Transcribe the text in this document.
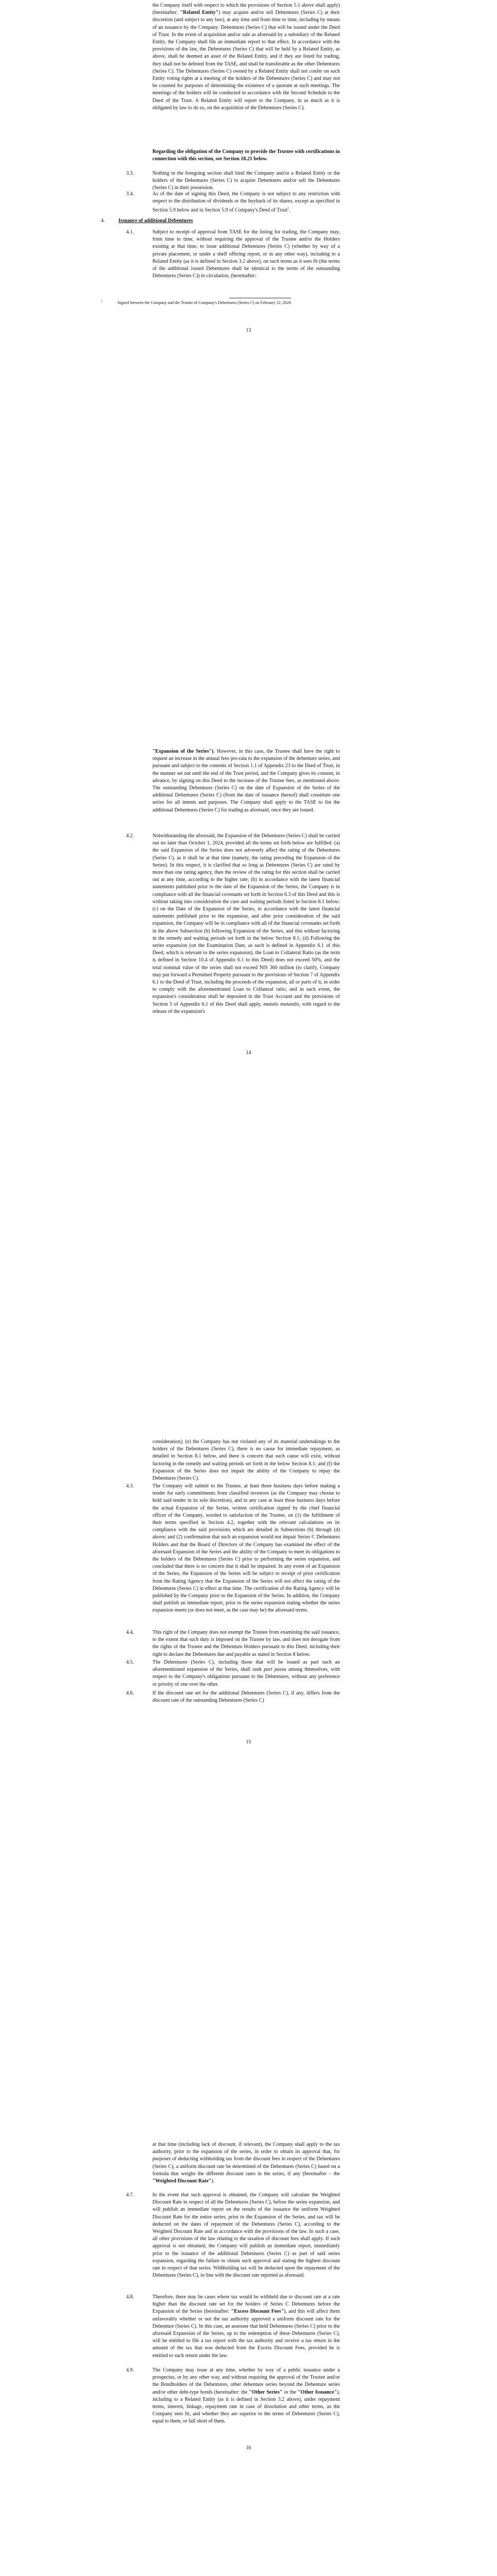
the Company itself with respect to which the provisions of Section 5.1 above shall apply) (hereinafter: "Related Entity") may acquire and/or sell Debentures (Series C) at their discretion (and subject to any law), at any time and from time to time, including by means of an issuance by the Company. Debentures (Series C) that will be issued under the Deed of Trust. In the event of acquisition and/or sale as aforesaid by a subsidiary of the Related Entity, the Company shall file an immediate report to that effect. In accordance with the provisions of the law, the Debentures (Series C) that will be held by a Related Entity, as above, shall be deemed an asset of the Related Entity, and if they are listed for trading, they shall not be delisted from the TASE, and shall be transferable as the other Debentures (Series C). The Debentures (Series C) owned by a Related Entity shall not confer on such Entity voting rights at a meeting of the holders of the Debentures (Series C) and may not be counted for purposes of determining the existence of a quorum at such meetings. The meetings of the holders will be conducted in accordance with the Second Schedule to the Deed of the Trust. A Related Entity will report to the Company, in as much as it is obligated by law to do so, on the acquisition of the Debentures (Series C).

Regarding the obligation of the Company to provide the Trustee with certifications in connection with this section, see Section 18.21 below.

3.3.	Nothing in the foregoing section shall bind the Company and/or a Related Entity or the holders of the Debentures (Series C) to acquire Debentures and/or sell the Debentures (Series C) in their possession.

3.4.	As of the date of signing this Deed, the Company is not subject to any restriction with respect to the distribution of dividends or the buyback of its shares, except as specified in Section 5.9 below and in Section 5.9 of Company's Deed of Trust$^1$.

4.	Issuance of additional Debentures
4.1.	Subject to receipt of approval from TASE for the listing for trading, the Company may, from time to time, without requiring the approval of the Trustee and/or the Holders existing at that time, to issue additional Debentures (Series C) (whether by way of a private placement, or under a shelf offering report, or in any other way), including to a Related Entity (as it is defined in Section 3.2 above), on such terms as it sees fit (the terms of the additional issued Debentures shall be identical to the terms of the outstanding Debentures (Series C)) in circulation, (hereinafter:

1	Signed between the Company and the Trustee of Company's Debentures (Series C) on February 12, 2020.

13

"Expansion of the Series"). However, in this case, the Trustee shall have the right to request an increase in the annual fees pro-rata to the expansion of the debenture series, and pursuant and subject to the contents of Section 1.1 of Appendix 23 to the Deed of Trust, in the manner set out until the end of the Trust period, and the Company gives its consent, in advance, by signing on this Deed to the increase of the Trustee fees, as mentioned above. The outstanding Debentures (Series C) on the date of Expansion of the Series of the additional Debentures (Series C) (from the date of issuance thereof) shall constitute one series for all intents and purposes. The Company shall apply to the TASE to list the additional Debentures (Series C) for trading as aforesaid, once they are issued.

4.2.	Notwithstanding the aforesaid, the Expansion of the Debentures (Series C) shall be carried out no later than October 1, 2024, provided all the terms set forth below are fulfilled: (a) the said Expansion of the Series does not adversely affect the rating of the Debentures (Series C), as it shall be at that time (namely, the rating preceding the Expansion of the Series). In this respect, it is clarified that so long as Debentures (Series C) are rated by more than one rating agency, then the review of the rating for this section shall be carried out at any time, according to the higher rate; (b) in accordance with the latest financial statements published prior to the date of the Expansion of the Series, the Company is in compliance with all the financial covenants set forth in Section 6.3 of this Deed and this is without taking into consideration the cure and waiting periods listed in Section 8.1 below; (c) on the Date of the Expansion of the Series, in accordance with the latest financial statements published prior to the expansion, and after prior consideration of the said expansion, the Company will be in compliance with all of the financial covenants set forth in the above Subsection (b) following Expansion of the Series, and this without factoring in the remedy and waiting periods set forth in the below Section 8.1; (d) Following the series expansion (on the Examination Date, as such is defined in Appendix 6.1 of this Deed, which is relevant to the series expansion), the Loan to Collateral Ratio (as the term is defined in Section 10.4 of Appendix 6.1 to this Deed) does not exceed 50%, and the total nominal value of the series shall not exceed NIS 360 million (to clarify, Company may put forward a Permitted Property pursuant to the provisions of Section 7 of Appendix 6.1 to the Deed of Trust, including the proceeds of the expansion, all or parts of it, in order to comply with the aforementioned Loan to Collateral ratio, and in such event, the expansion's consideration shall be deposited in the Trust Account and the provisions of Section 5 of Appendix 6.1 of this Deed shall apply, mutatis mutandis, with regard to the release of the expansion's

14

consideration); (e) the Company has not violated any of its material undertakings to the holders of the Debentures (Series C), there is no cause for immediate repayment, as detailed in Section 8.1 below, and there is concern that such cause will exist, without factoring in the remedy and waiting periods set forth in the below Section 8.1; and (f) the Expansion of the Series does not impair the ability of the Company to repay the Debentures (Series C).

4.3.	The Company will submit to the Trustee, at least three business days before making a tender for early commitments from classified investors (as the Company may choose to hold said tender in its sole discretion), and in any case at least three business days before the actual Expansion of the Series, written certification signed by the chief financial officer of the Company, worded to satisfaction of the Trustee, on (1) the fulfillment of their terms specified in Section 4.2, together with the relevant calculations on its compliance with the said provisions which are detailed in Subsections (b) through (d) above; and (2) confirmation that such an expansion would not impair Series C Debentures Holders and that the Board of Directors of the Company has examined the effect of the aforesaid Expansion of the Series and the ability of the Company to meet its obligations to the holders of the Debentures (Series C) prior to performing the series expansion, and concluded that there is no concern that it shall be impaired. In any event of an Expansion of the Series, the Expansion of the Series will be subject to receipt of prior certification from the Rating Agency that the Expansion of the Series will not affect the rating of the Debentures (Series C) in effect at that time. The certification of the Rating Agency will be published by the Company prior to the Expansion of the Series. In addition, the Company shall publish an immediate report, prior to the series expansion stating whether the series expansion meets (or does not meet, as the case may be) the aforesaid terms.

4.4.	This right of the Company does not exempt the Trustee from examining the said issuance, to the extent that such duty is imposed on the Trustee by law, and does not derogate from the rights of the Trustee and the Debenture Holders pursuant to this Deed, including their right to declare the Debentures due and payable as stated in Section 8 below.

4.5.	The Debentures (Series C), including those that will be issued as part such an aforementioned expansion of the Series, shall rank pari passu among themselves, with respect to the Company's obligations pursuant to the Debentures, without any preference or priority of one over the other.

4.6.	If the discount rate set for the additional Debentures (Series C), if any, differs from the discount rate of the outstanding Debentures (Series C)

15

at that time (including lack of discount, if relevant), the Company shall apply to the tax authority, prior to the expansion of the series, in order to obtain its approval that, for purposes of deducting withholding tax from the discount fees in respect of the Debentures (Series C), a uniform discount rate be determined of the Debentures (Series C) based on a formula that weighs the different discount rates in the series, if any (hereinafter – the "Weighted Discount Rate").

4.7.	In the event that such approval is obtained, the Company will calculate the Weighted Discount Rate in respect of all the Debentures (Series C), before the series expansion, and will publish an immediate report on the results of the issuance the uniform Weighted Discount Rate for the entire series, prior to the Expansion of the Series, and tax will be deducted on the dates of repayment of the Debentures (Series C), according to the Weighted Discount Rate and in accordance with the provisions of the law. In such a case, all other provisions of the law relating to the taxation of discount fees shall apply. If such approval is not obtained, the Company will publish an immediate report, immediately prior to the issuance of the additional Debentures (Series C) as part of said series expansion, regarding the failure to obtain such approval and stating the highest discount rate in respect of that series. Withholding tax will be deducted upon the repayment of the Debentures (Series C), in line with the discount rate reported as aforesaid.

4.8.	Therefore, there may be cases where tax would be withheld due to discount rate at a rate higher than the discount rate set for the holders of Series C Debentures before the Expansion of the Series (hereinafter: "Excess Discount Fees"), and this will affect them unfavorably whether or not the tax authority approved a uniform discount rate for the Debenture (Series C). In this case, an assessee that held Debentures (Series C) prior to the aforesaid Expansion of the Series, up to the redemption of these Debentures (Series C), will be entitled to file a tax report with the tax authority and receive a tax return in the amount of the tax that was deducted from the Excess Discount Fees, provided he is entitled to such return under the law.

4.9.	The Company may issue at any time, whether by way of a public issuance under a prospectus, or by any other way, and without requiring the approval of the Trustee and/or the Bondholders of the Debentures, other debenture series beyond the Debenture series and/or other debt-type bonds (hereinafter: the "Other Series" or the "Other Issuance"), including to a Related Entity (as it is defined in Section 3.2 above), under repayment terms, interest, linkage, repayment rate in case of dissolution and other terms, as the Company sees fit, and whether they are superior to the terms of Debentures (Series C), equal to them, or fall short of them.

16
